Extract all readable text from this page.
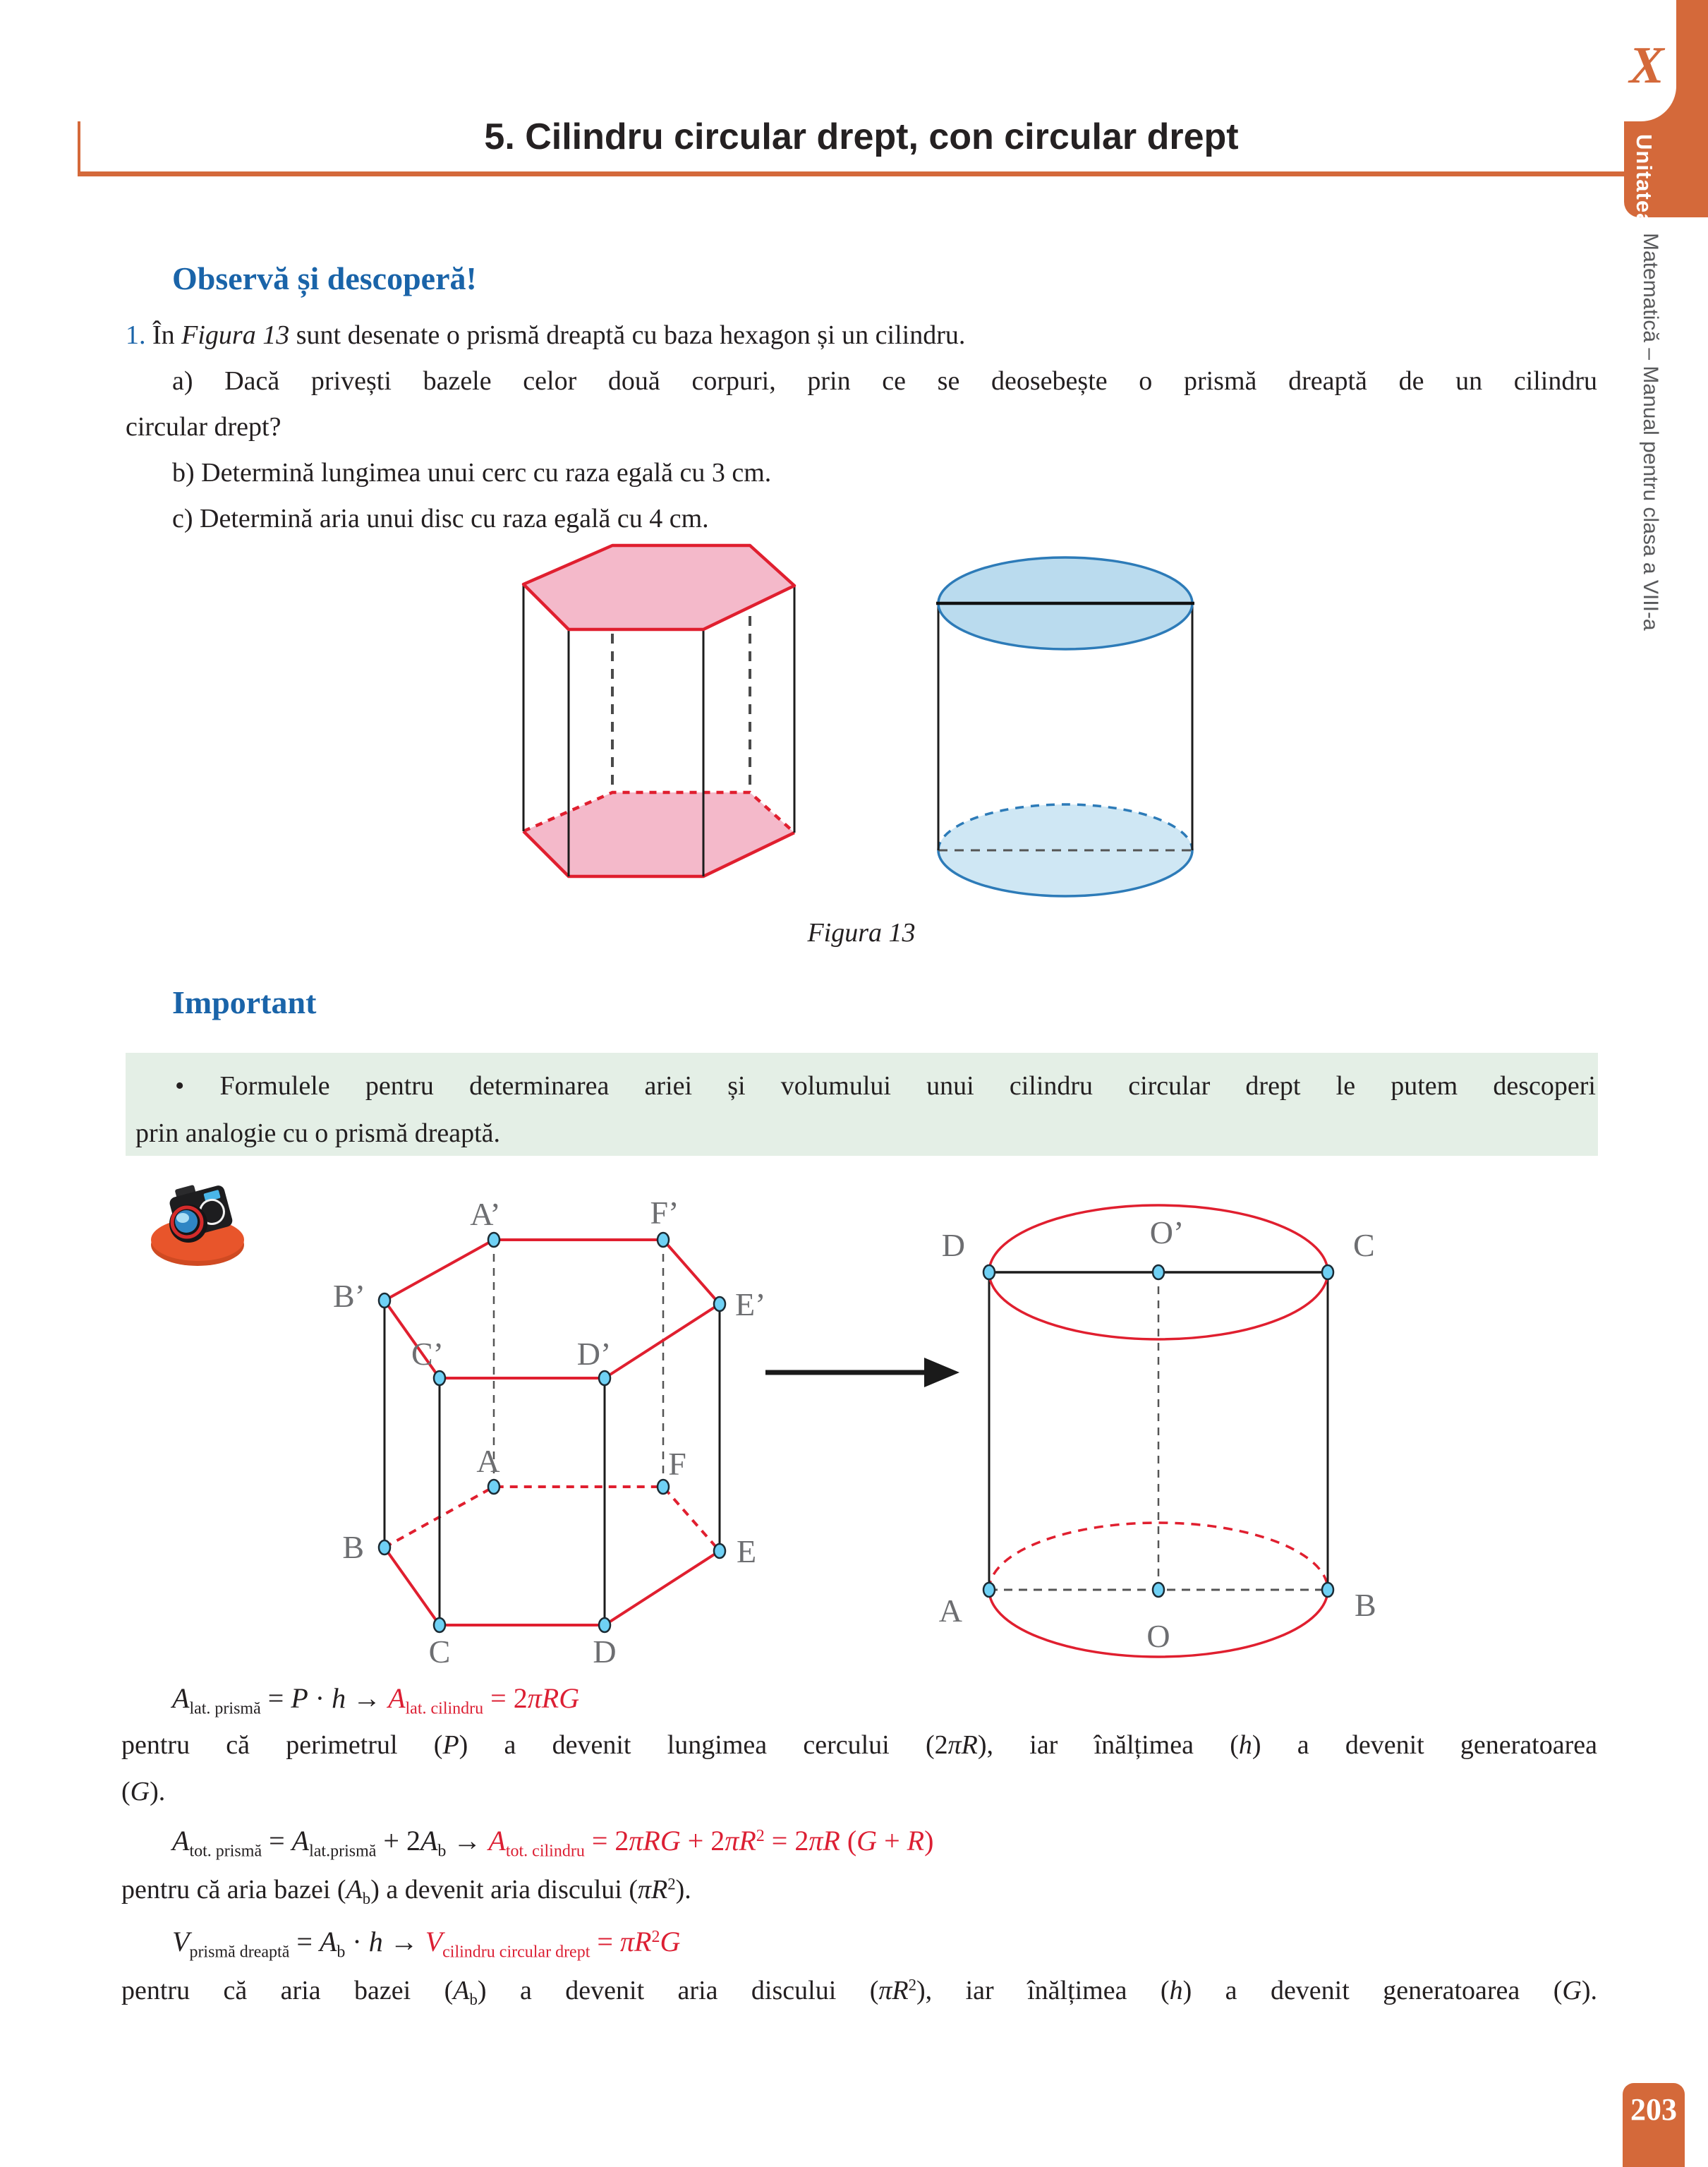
5. Cilindru circular drept, con circular drept
X
Unitatea
Matematică – Manual pentru clasa a VIII-a
203
Observă și descoperă!
1. În Figura 13 sunt desenate o prismă dreaptă cu baza hexagon și un cilindru.
a) Dacă privești bazele celor două corpuri, prin ce se deosebește o prismă dreaptă de un cilindru
circular drept?
b) Determină lungimea unui cerc cu raza egală cu 3 cm.
c) Determină aria unui disc cu raza egală cu 4 cm.
Figura 13
Important
• Formulele pentru determinarea ariei și volumului unui cilindru circular drept le putem descoperi
prin analogie cu o prismă dreaptă.
A’	F’
B’	E’
C’	D’
A	F
B	E
C	D
D	O’	C
A
O
B
$A_{lat. prismă} = P \cdot h \to A_{lat. cilindru} = 2\pi RG$
pentru că perimetrul (P) a devenit lungimea cercului (2πR), iar înălțimea (h) a devenit generatoarea
(G).
$A_{tot. prismă} = A_{lat.prismă} + 2A_b \to A_{tot. cilindru} = 2\pi RG + 2\pi R^2 = 2\pi R$ (G + R)
pentru că aria bazei $(A_b)$ a devenit aria discului $(\pi R^2)$.
$V_{prismă dreaptă} = A_b \cdot h \to V_{cilindru circular drept} = \pi R^2G$
pentru că aria bazei $(A_b)$ a devenit aria discului $(\pi R^2)$, iar înălțimea (h) a devenit generatoarea (G).
